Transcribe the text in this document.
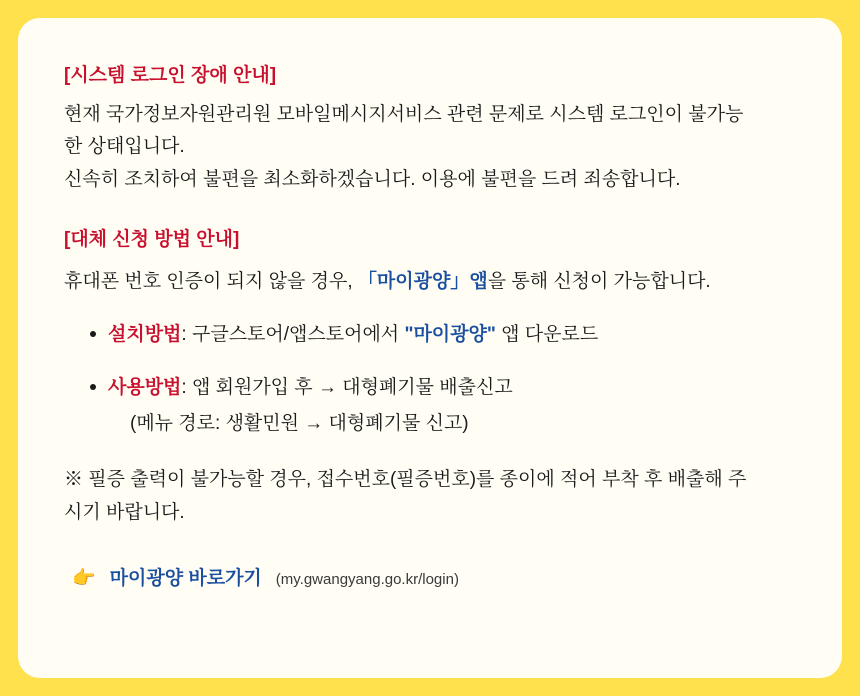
[시스템 로그인 장애 안내]

현재 국가정보자원관리원 모바일메시지서비스 관련 문제로 시스템 로그인이 불가능

한 상태입니다.

신속히 조치하여 불편을 최소화하겠습니다. 이용에 불편을 드려 죄송합니다.

[대체 신청 방법 안내]

휴대폰 번호 인증이 되지 않을 경우, 「마이광양」앱을 통해 신청이 가능합니다.

설치방법: 구글스토어/앱스토어에서 "마이광양" 앱 다운로드
사용방법: 앱 회원가입 후 → 대형폐기물 배출신고
(메뉴 경로: 생활민원 → 대형폐기물 신고)

※ 필증 출력이 불가능할 경우, 접수번호(필증번호)를 종이에 적어 부착 후 배출해 주

시기 바랍니다.

👉 마이광양 바로가기 (my.gwangyang.go.kr/login)
